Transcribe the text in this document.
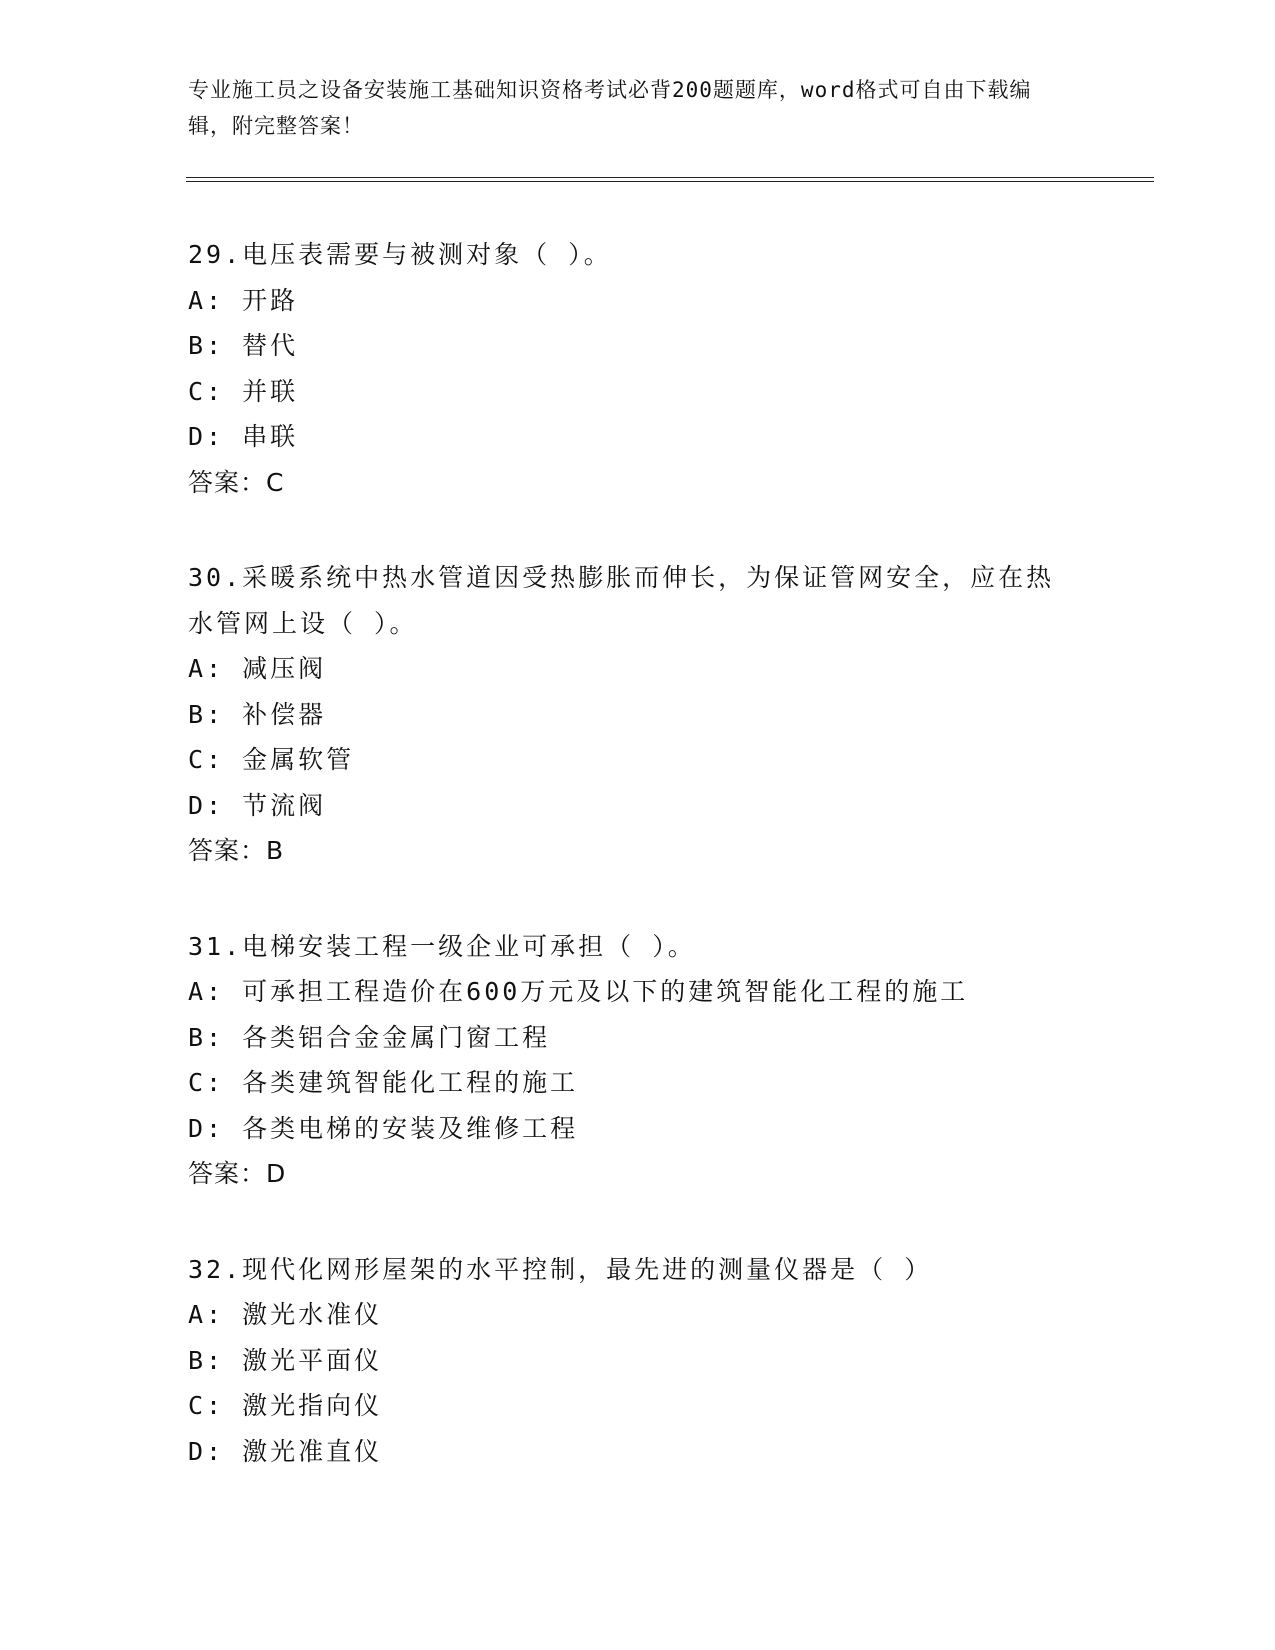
专业施工员之设备安装施工基础知识资格考试必背200题题库，word格式可自由下载编辑，附完整答案！
29.电压表需要与被测对象（ ）。
A: 开路
B: 替代
C: 并联
D: 串联
答案：C
30.采暖系统中热水管道因受热膨胀而伸长，为保证管网安全，应在热
水管网上设（ ）。
A: 减压阀
B: 补偿器
C: 金属软管
D: 节流阀
答案：B
31.电梯安装工程一级企业可承担（ ）。
A: 可承担工程造价在600万元及以下的建筑智能化工程的施工
B: 各类铝合金金属门窗工程
C: 各类建筑智能化工程的施工
D: 各类电梯的安装及维修工程
答案：D
32.现代化网形屋架的水平控制，最先进的测量仪器是（ ）
A: 激光水准仪
B: 激光平面仪
C: 激光指向仪
D: 激光准直仪
